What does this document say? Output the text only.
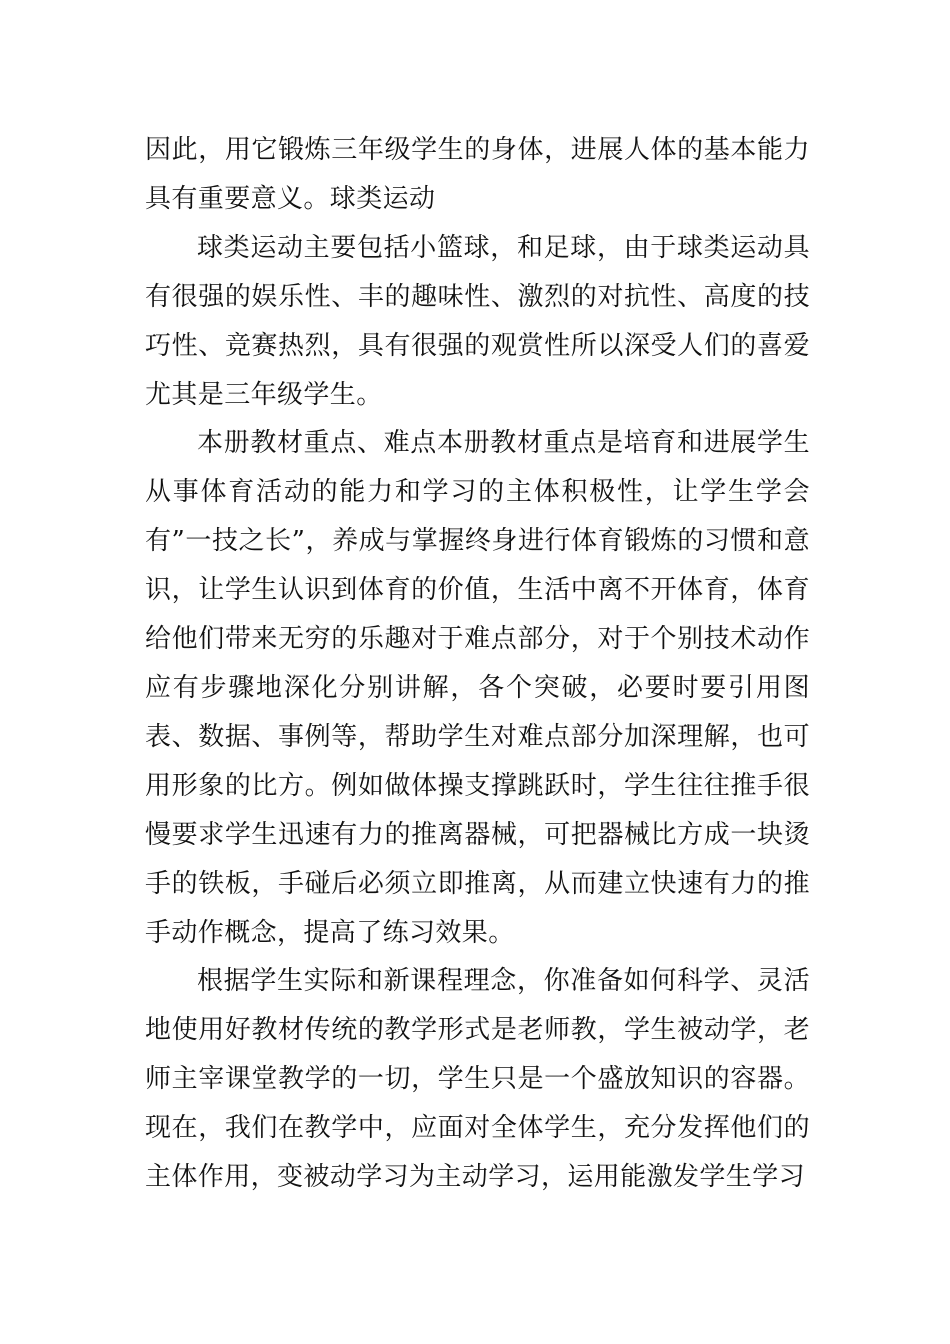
因此，用它锻炼三年级学生的身体，进展人体的基本能力具有重要意义。球类运动

球类运动主要包括小篮球，和足球，由于球类运动具有很强的娱乐性、丰的趣味性、激烈的对抗性、高度的技巧性、竞赛热烈，具有很强的观赏性所以深受人们的喜爱尤其是三年级学生。

本册教材重点、难点本册教材重点是培育和进展学生从事体育活动的能力和学习的主体积极性，让学生学会有”一技之长”，养成与掌握终身进行体育锻炼的习惯和意识，让学生认识到体育的价值，生活中离不开体育，体育给他们带来无穷的乐趣对于难点部分，对于个别技术动作应有步骤地深化分别讲解，各个突破，必要时要引用图表、数据、事例等，帮助学生对难点部分加深理解，也可用形象的比方。例如做体操支撑跳跃时，学生往往推手很慢要求学生迅速有力的推离器械，可把器械比方成一块烫手的铁板，手碰后必须立即推离，从而建立快速有力的推手动作概念，提高了练习效果。

根据学生实际和新课程理念，你准备如何科学、灵活地使用好教材传统的教学形式是老师教，学生被动学，老师主宰课堂教学的一切，学生只是一个盛放知识的容器。现在，我们在教学中，应面对全体学生，充分发挥他们的主体作用，变被动学习为主动学习，运用能激发学生学习
